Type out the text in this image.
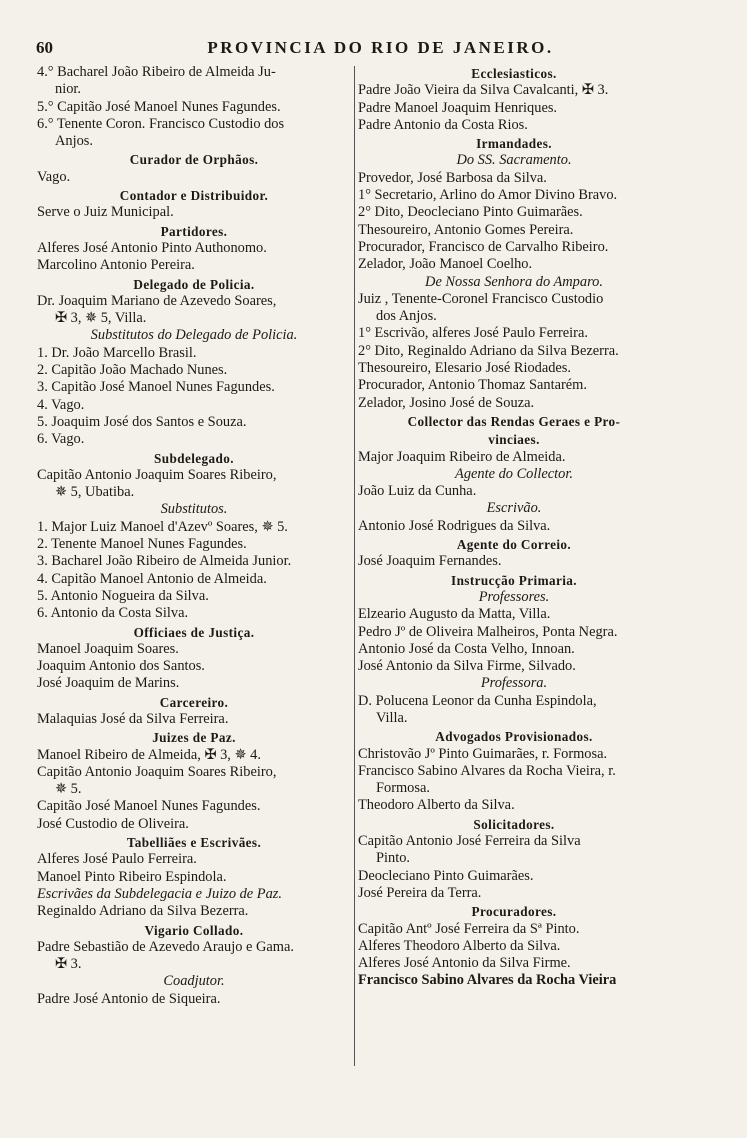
60	PROVINCIA DO RIO DE JANEIRO.
4.° Bacharel João Ribeiro de Almeida Ju-
nior.
5.° Capitão José Manoel Nunes Fagundes.
6.° Tenente Coron. Francisco Custodio dos
Anjos.
Curador de Orphãos.
Vago.
Contador e Distribuidor.
Serve o Juiz Municipal.
Partidores.
Alferes José Antonio Pinto Authonomo.
Marcolino Antonio Pereira.
Delegado de Policia.
Dr. Joaquim Mariano de Azevedo Soares,
✠ 3, ✵ 5, Villa.
Substitutos do Delegado de Policia.
1. Dr. João Marcello Brasil.
2. Capitão João Machado Nunes.
3. Capitão José Manoel Nunes Fagundes.
4. Vago.
5. Joaquim José dos Santos e Souza.
6. Vago.
Subdelegado.
Capitão Antonio Joaquim Soares Ribeiro,
✵ 5, Ubatiba.
Substitutos.
1. Major Luiz Manoel d'Azevº Soares, ✵ 5.
2. Tenente Manoel Nunes Fagundes.
3. Bacharel João Ribeiro de Almeida Junior.
4. Capitão Manoel Antonio de Almeida.
5. Antonio Nogueira da Silva.
6. Antonio da Costa Silva.
Officiaes de Justiça.
Manoel Joaquim Soares.
Joaquim Antonio dos Santos.
José Joaquim de Marins.
Carcereiro.
Malaquias José da Silva Ferreira.
Juizes de Paz.
Manoel Ribeiro de Almeida, ✠ 3, ✵ 4.
Capitão Antonio Joaquim Soares Ribeiro,
✵ 5.
Capitão José Manoel Nunes Fagundes.
José Custodio de Oliveira.
Tabelliães e Escrivães.
Alferes José Paulo Ferreira.
Manoel Pinto Ribeiro Espindola.
Escrivães da Subdelegacia e Juizo de Paz.
Reginaldo Adriano da Silva Bezerra.
Vigario Collado.
Padre Sebastião de Azevedo Araujo e Gama.
✠ 3.
Coadjutor.
Padre José Antonio de Siqueira.
Ecclesiasticos.
Padre João Vieira da Silva Cavalcanti, ✠ 3.
Padre Manoel Joaquim Henriques.
Padre Antonio da Costa Rios.
Irmandades.
Do SS. Sacramento.
Provedor, José Barbosa da Silva.
1° Secretario, Arlino do Amor Divino Bravo.
2° Dito, Deocleciano Pinto Guimarães.
Thesoureiro, Antonio Gomes Pereira.
Procurador, Francisco de Carvalho Ribeiro.
Zelador, João Manoel Coelho.
De Nossa Senhora do Amparo.
Juiz , Tenente-Coronel Francisco Custodio
dos Anjos.
1° Escrivão, alferes José Paulo Ferreira.
2° Dito, Reginaldo Adriano da Silva Bezerra.
Thesoureiro, Elesario José Riodades.
Procurador, Antonio Thomaz Santarém.
Zelador, Josino José de Souza.
Collector das Rendas Geraes e Pro-
vinciaes.
Major Joaquim Ribeiro de Almeida.
Agente do Collector.
João Luiz da Cunha.
Escrivão.
Antonio José Rodrigues da Silva.
Agente do Correio.
José Joaquim Fernandes.
Instrucção Primaria.
Professores.
Elzeario Augusto da Matta, Villa.
Pedro Jº de Oliveira Malheiros, Ponta Negra.
Antonio José da Costa Velho, Innoan.
José Antonio da Silva Firme, Silvado.
Professora.
D. Polucena Leonor da Cunha Espindola,
Villa.
Advogados Provisionados.
Christovão Jº Pinto Guimarães, r. Formosa.
Francisco Sabino Alvares da Rocha Vieira, r.
Formosa.
Theodoro Alberto da Silva.
Solicitadores.
Capitão Antonio José Ferreira da Silva
Pinto.
Deocleciano Pinto Guimarães.
José Pereira da Terra.
Procuradores.
Capitão Antº José Ferreira da Sª Pinto.
Alferes Theodoro Alberto da Silva.
Alferes José Antonio da Silva Firme.
Francisco Sabino Alvares da Rocha Vieira
